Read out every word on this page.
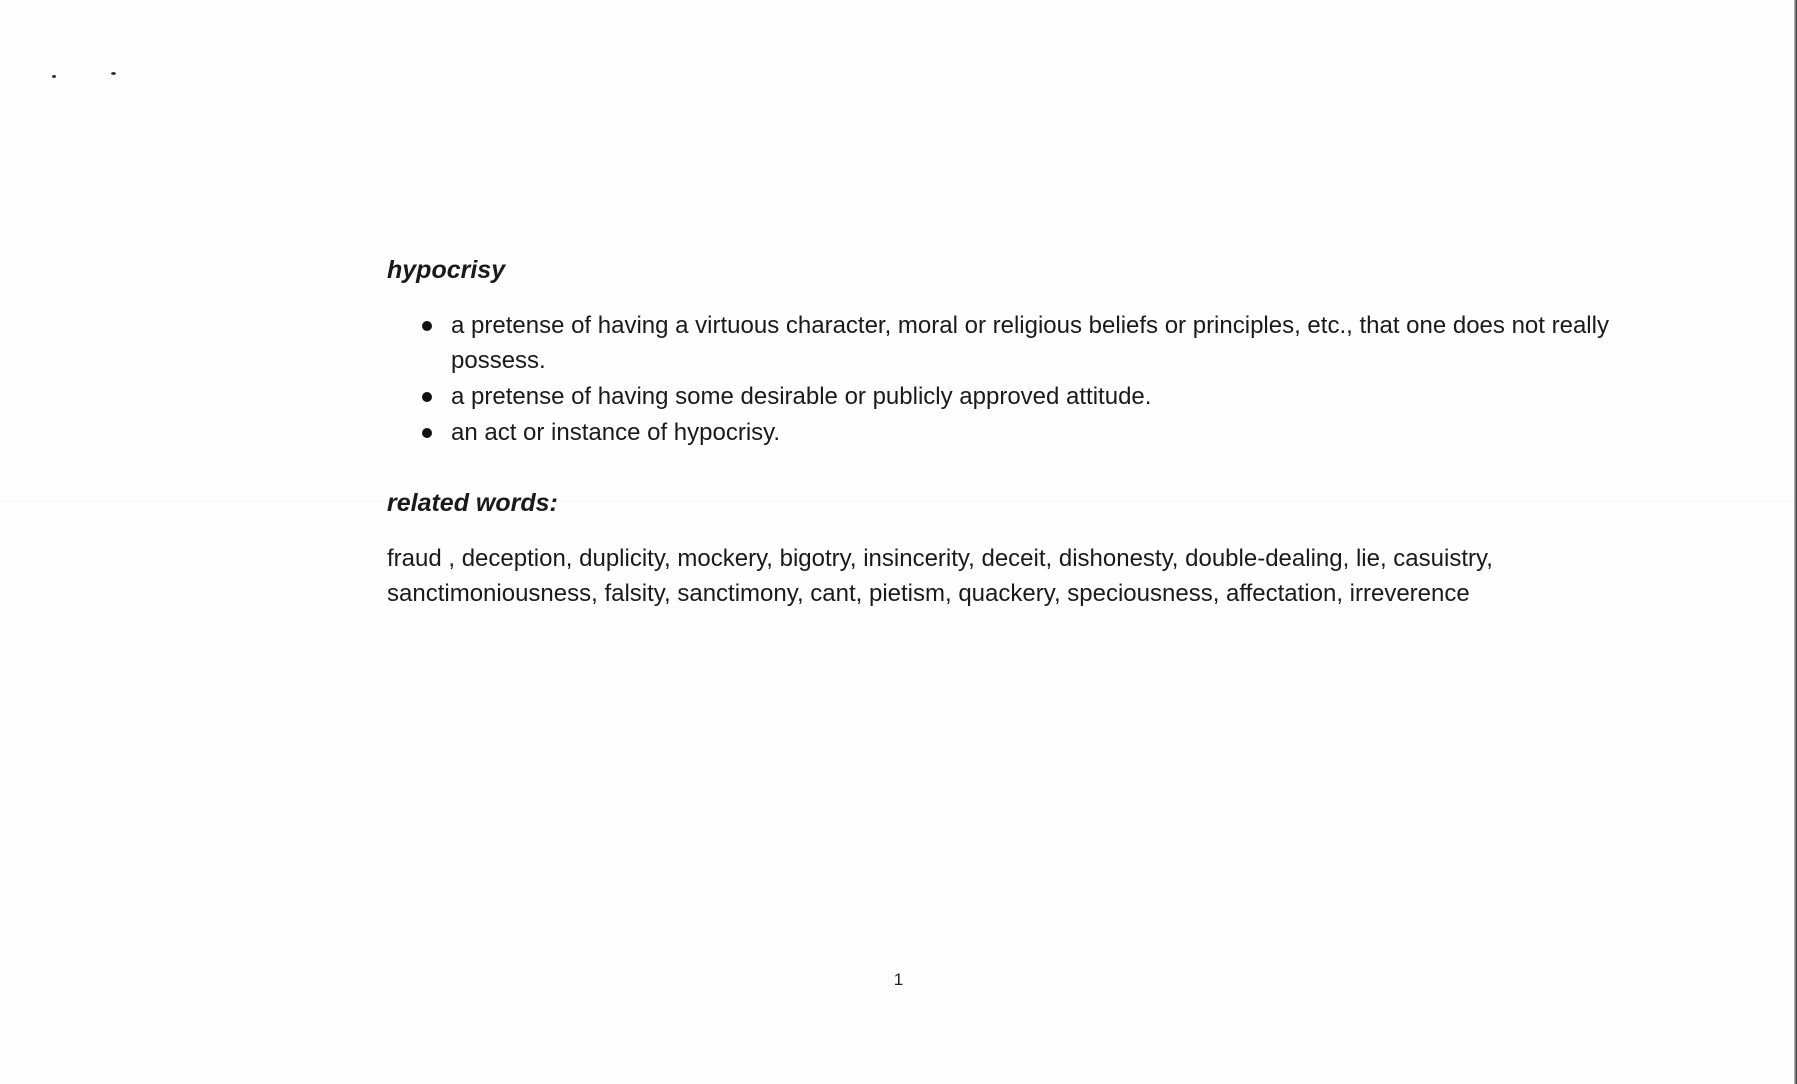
hypocrisy

a pretense of having a virtuous character, moral or religious beliefs or principles, etc., that one does not really possess.
a pretense of having some desirable or publicly approved attitude.
an act or instance of hypocrisy.

related words:

fraud , deception, duplicity, mockery, bigotry, insincerity, deceit, dishonesty, double-dealing, lie, casuistry, sanctimoniousness, falsity, sanctimony, cant, pietism, quackery, speciousness, affectation, irreverence

1
